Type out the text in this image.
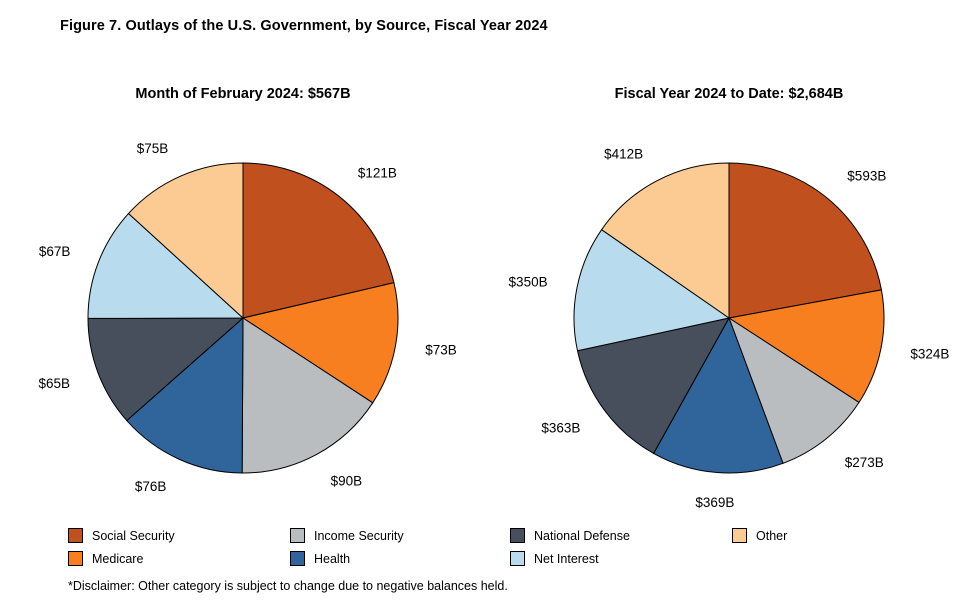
Figure 7. Outlays of the U.S. Government, by Source, Fiscal Year 2024
Month of February 2024: $567B
$121B
$73B
$90B
$76B
$65B
$67B
$75B
Fiscal Year 2024 to Date: $2,684B
$593B
$324B
$273B
$369B
$363B
$350B
$412B
Social Security
Medicare
Income Security
Health
National Defense
Net Interest
Other
*Disclaimer: Other category is subject to change due to negative balances held.
